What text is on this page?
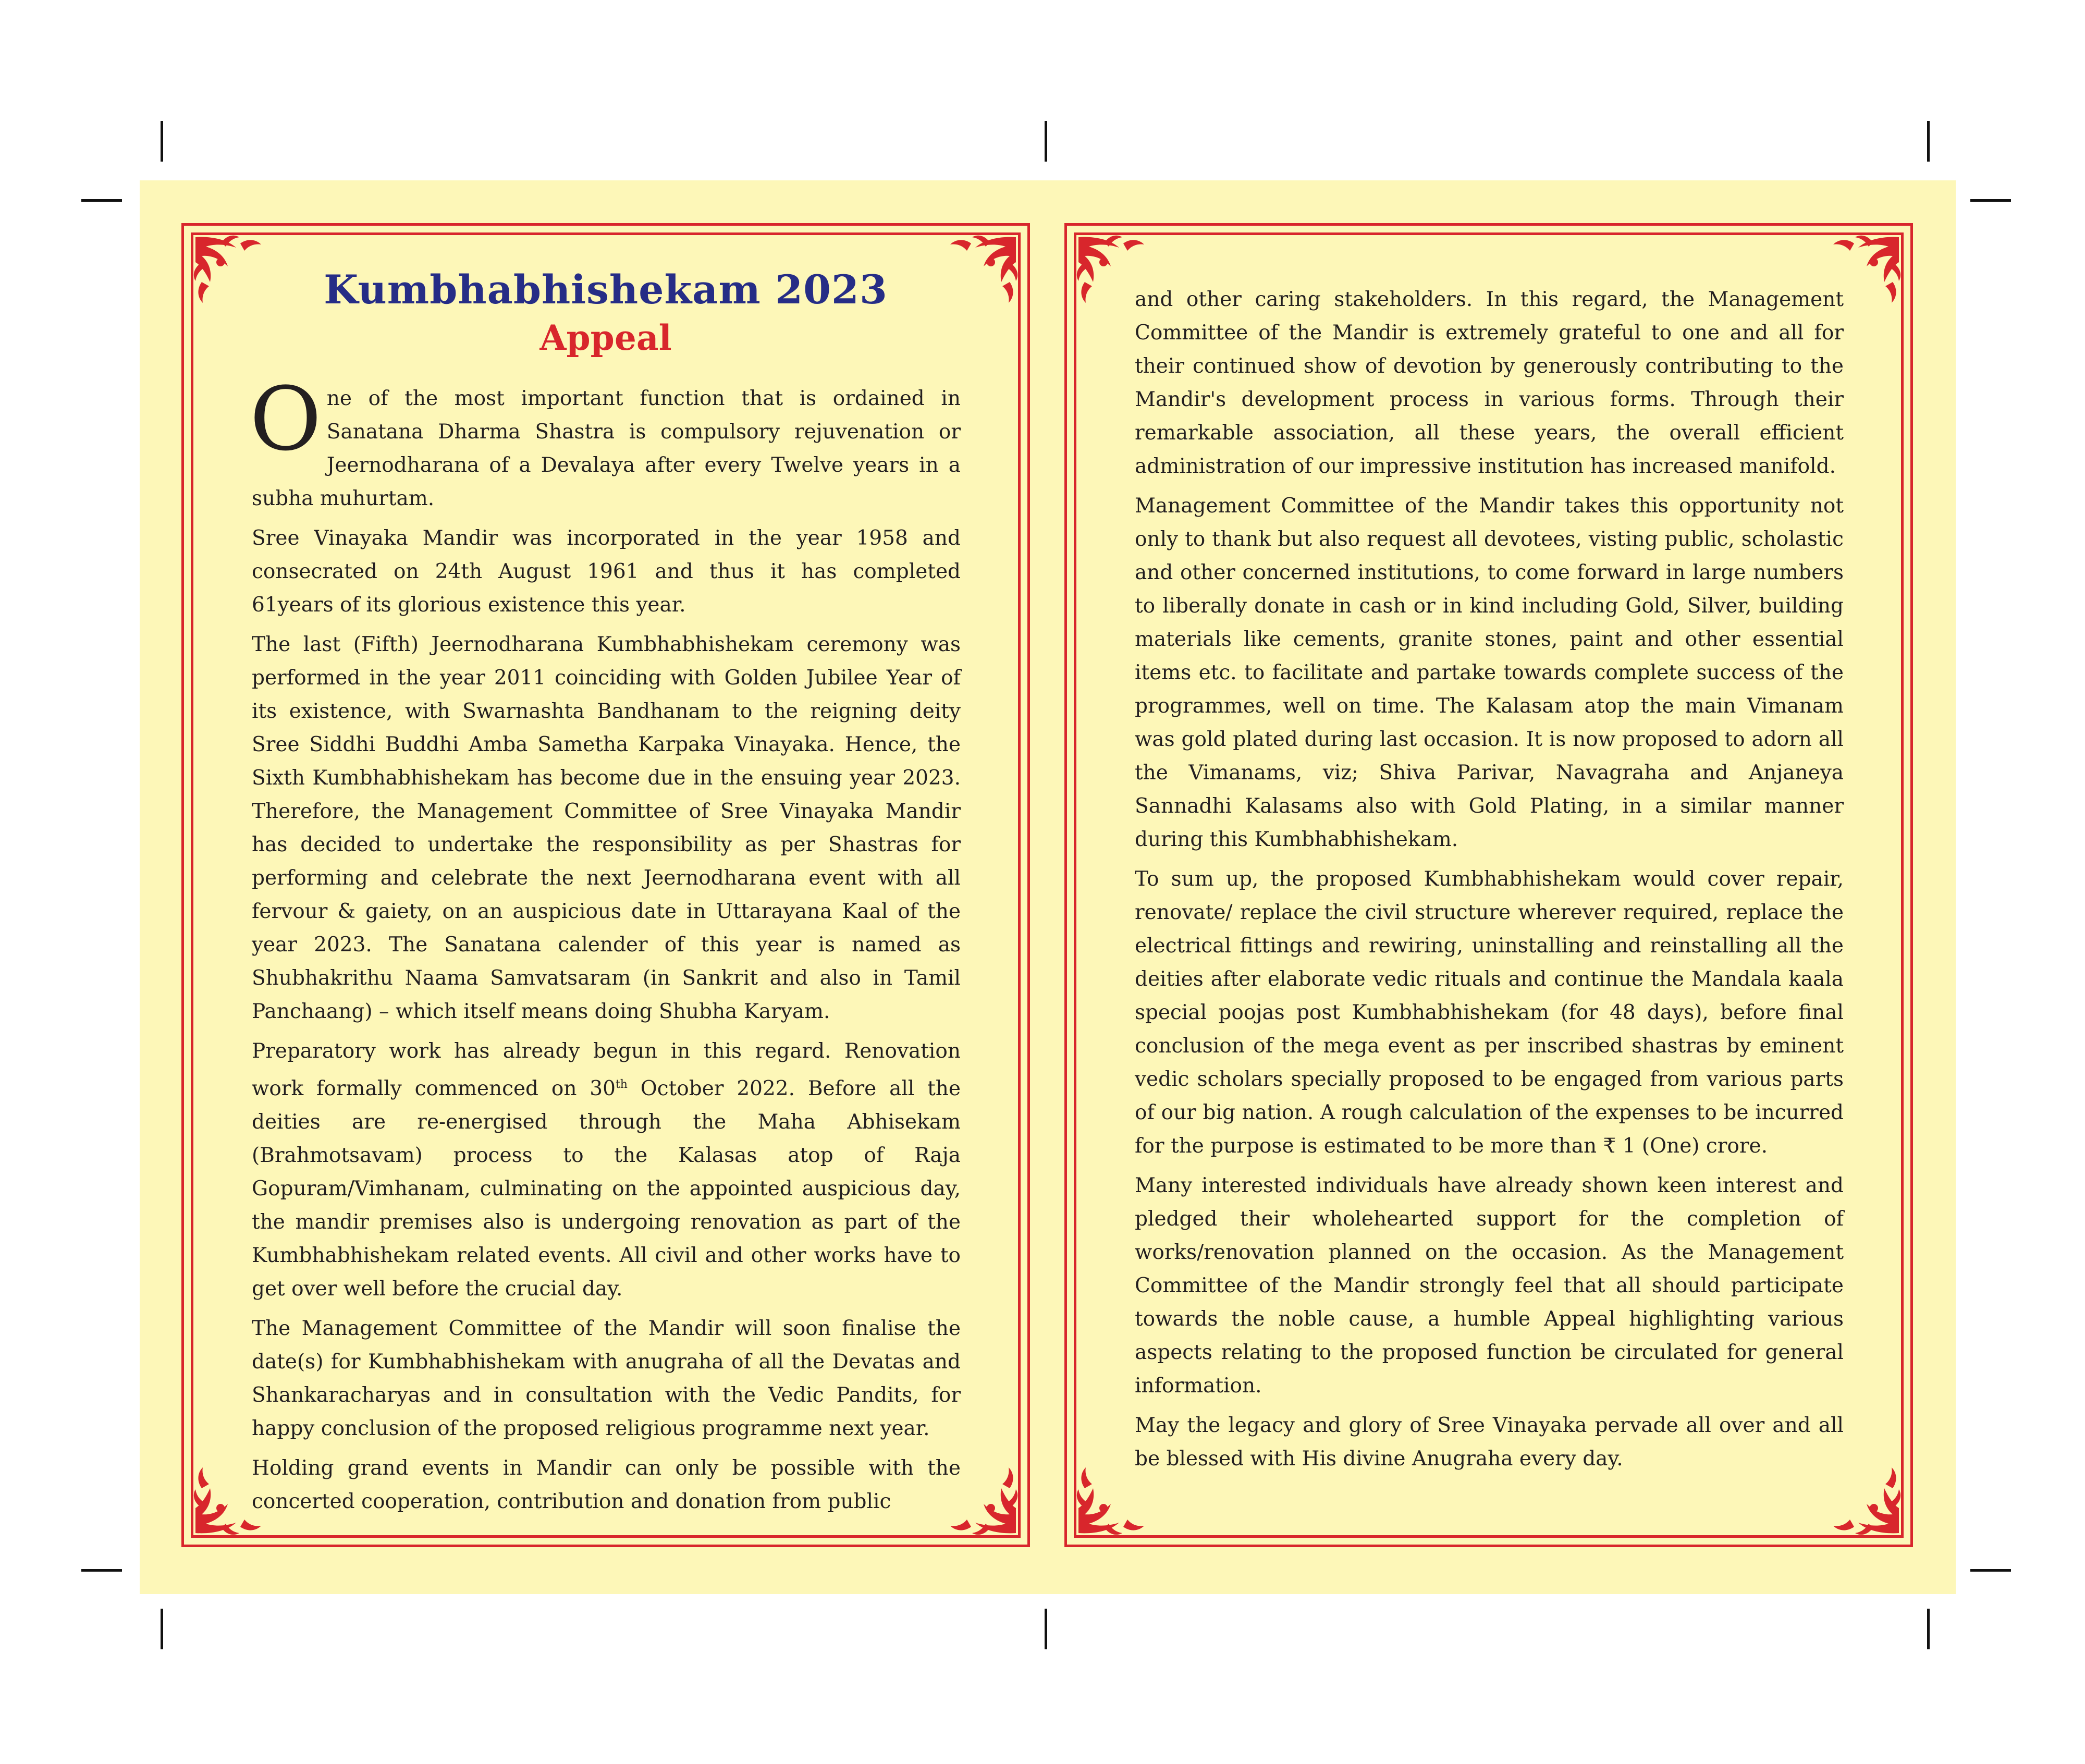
Kumbhabhishekam 2023
Appeal

One of the most important function that is ordained in Sanatana Dharma Shastra is compulsory rejuvenation or Jeernodharana of a Devalaya after every Twelve years in a subha muhurtam.

Sree Vinayaka Mandir was incorporated in the year 1958 and consecrated on 24th August 1961 and thus it has completed 61years of its glorious existence this year.

The last (Fifth) Jeernodharana Kumbhabhishekam ceremony was performed in the year 2011 coinciding with Golden Jubilee Year of its existence, with Swarnashta Bandhanam to the reigning deity Sree Siddhi Buddhi Amba Sametha Karpaka Vinayaka. Hence, the Sixth Kumbhabhishekam has become due in the ensuing year 2023. Therefore, the Management Committee of Sree Vinayaka Mandir has decided to undertake the responsibility as per Shastras for performing and celebrate the next Jeernodharana event with all fervour & gaiety, on an auspicious date in Uttarayana Kaal of the year 2023. The Sanatana calender of this year is named as Shubhakrithu Naama Samvatsaram (in Sankrit and also in Tamil Panchaang) – which itself means doing Shubha Karyam.

Preparatory work has already begun in this regard. Renovation work formally commenced on 30th October 2022. Before all the deities are re-energised through the Maha Abhisekam (Brahmotsavam) process to the Kalasas atop of Raja Gopuram/Vimhanam, culminating on the appointed auspicious day, the mandir premises also is undergoing renovation as part of the Kumbhabhishekam related events. All civil and other works have to get over well before the crucial day.

The Management Committee of the Mandir will soon finalise the date(s) for Kumbhabhishekam with anugraha of all the Devatas and Shankaracharyas and in consultation with the Vedic Pandits, for happy conclusion of the proposed religious programme next year.

Holding grand events in Mandir can only be possible with the concerted cooperation, contribution and donation from public

and other caring stakeholders. In this regard, the Management Committee of the Mandir is extremely grateful to one and all for their continued show of devotion by generously contributing to the Mandir's development process in various forms. Through their remarkable association, all these years, the overall efficient administration of our impressive institution has increased manifold.

Management Committee of the Mandir takes this opportunity not only to thank but also request all devotees, visting public, scholastic and other concerned institutions, to come forward in large numbers to liberally donate in cash or in kind including Gold, Silver, building materials like cements, granite stones, paint and other essential items etc. to facilitate and partake towards complete success of the programmes, well on time. The Kalasam atop the main Vimanam was gold plated during last occasion. It is now proposed to adorn all the Vimanams, viz; Shiva Parivar, Navagraha and Anjaneya Sannadhi Kalasams also with Gold Plating, in a similar manner during this Kumbhabhishekam.

To sum up, the proposed Kumbhabhishekam would cover repair, renovate/ replace the civil structure wherever required, replace the electrical fittings and rewiring, uninstalling and reinstalling all the deities after elaborate vedic rituals and continue the Mandala kaala special poojas post Kumbhabhishekam (for 48 days), before final conclusion of the mega event as per inscribed shastras by eminent vedic scholars specially proposed to be engaged from various parts of our big nation. A rough calculation of the expenses to be incurred for the purpose is estimated to be more than ₹ 1 (One) crore.

Many interested individuals have already shown keen interest and pledged their wholehearted support for the completion of works/renovation planned on the occasion. As the Management Committee of the Mandir strongly feel that all should participate towards the noble cause, a humble Appeal highlighting various aspects relating to the proposed function be circulated for general information.

May the legacy and glory of Sree Vinayaka pervade all over and all be blessed with His divine Anugraha every day.
